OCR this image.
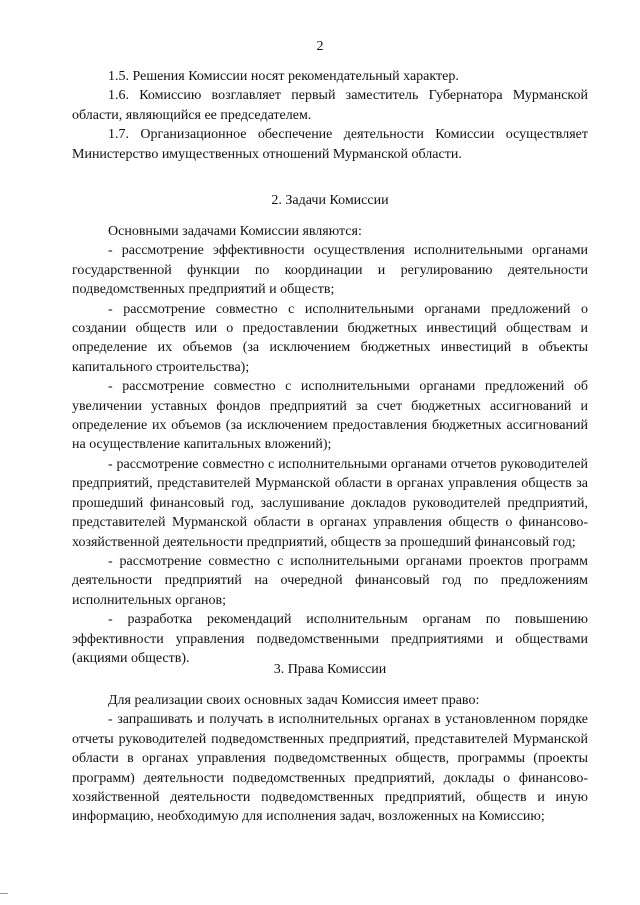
2

1.5. Решения Комиссии носят рекомендательный характер.

1.6. Комиссию возглавляет первый заместитель Губернатора Мурманской области, являющийся ее председателем.

1.7. Организационное обеспечение деятельности Комиссии осуществляет Министерство имущественных отношений Мурманской области.

2. Задачи Комиссии

Основными задачами Комиссии являются:

- рассмотрение эффективности осуществления исполнительными органами государственной функции по координации и регулированию деятельности подведомственных предприятий и обществ;

- рассмотрение совместно с исполнительными органами предложений о создании обществ или о предоставлении бюджетных инвестиций обществам и определение их объемов (за исключением бюджетных инвестиций в объекты капитального строительства);

- рассмотрение совместно с исполнительными органами предложений об увеличении уставных фондов предприятий за счет бюджетных ассигнований и определение их объемов (за исключением предоставления бюджетных ассигнований на осуществление капитальных вложений);

- рассмотрение совместно с исполнительными органами отчетов руководителей предприятий, представителей Мурманской области в органах управления обществ за прошедший финансовый год, заслушивание докладов руководителей предприятий, представителей Мурманской области в органах управления обществ о финансово-хозяйственной деятельности предприятий, обществ за прошедший финансовый год;

- рассмотрение совместно с исполнительными органами проектов программ деятельности предприятий на очередной финансовый год по предложениям исполнительных органов;

- разработка рекомендаций исполнительным органам по повышению эффективности управления подведомственными предприятиями и обществами (акциями обществ).

3. Права Комиссии

Для реализации своих основных задач Комиссия имеет право:

- запрашивать и получать в исполнительных органах в установленном порядке отчеты руководителей подведомственных предприятий, представителей Мурманской области в органах управления подведомственных обществ, программы (проекты программ) деятельности подведомственных предприятий, доклады о финансово-хозяйственной деятельности подведомственных предприятий, обществ и иную информацию, необходимую для исполнения задач, возложенных на Комиссию;
